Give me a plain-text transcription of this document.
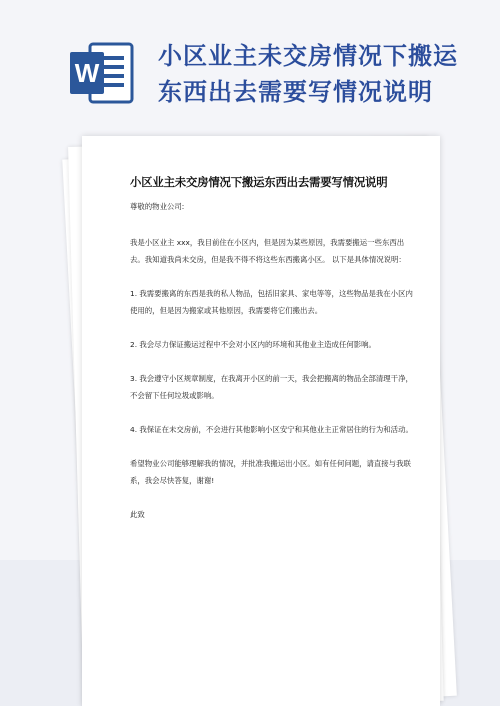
W
小区业主未交房情况下搬运东西出去需要写情况说明
小区业主未交房情况下搬运东西出去需要写情况说明
尊敬的物业公司:
我是小区业主 xxx，我目前住在小区内，但是因为某些原因，我需要搬运一些东西出去。我知道我尚未交房，但是我不得不将这些东西搬离小区。 以下是具体情况说明：
1. 我需要搬离的东西是我的私人物品，包括旧家具、家电等等，这些物品是我在小区内使用的，但是因为搬家或其他原因，我需要将它们搬出去。
2. 我会尽力保证搬运过程中不会对小区内的环境和其他业主造成任何影响。
3. 我会遵守小区规章制度，在我离开小区的前一天，我会把搬离的物品全部清理干净，不会留下任何垃圾或影响。
4. 我保证在未交房前，不会进行其他影响小区安宁和其他业主正常居住的行为和活动。
希望物业公司能够理解我的情况，并批准我搬运出小区。如有任何问题，请直接与我联系，我会尽快答复，谢谢!
此致
